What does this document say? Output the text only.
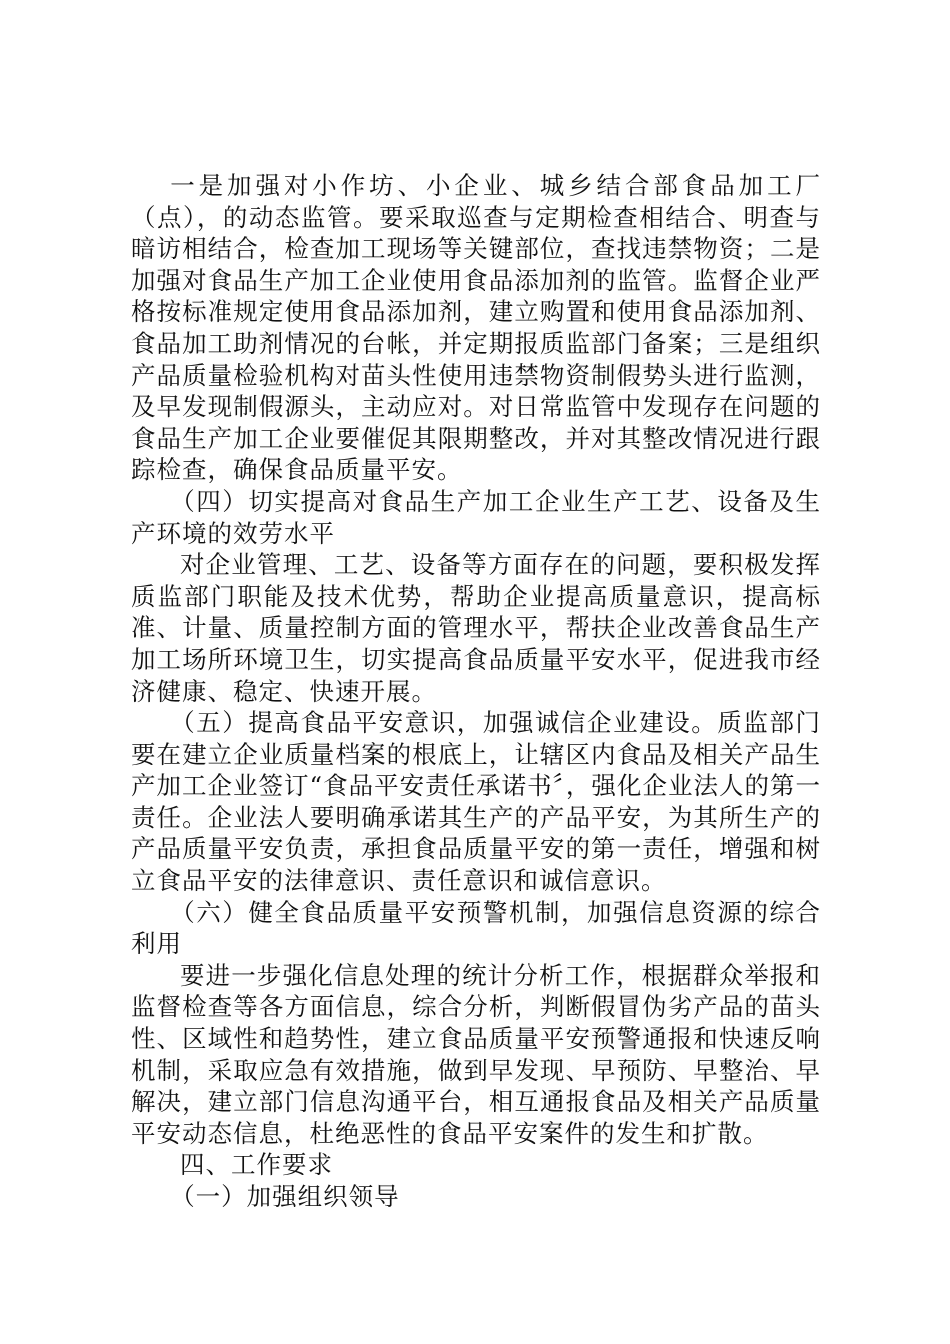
一是加强对小作坊、小企业、城乡结合部食品加工厂（点），的动态监管。要采取巡查与定期检查相结合、明查与暗访相结合，检查加工现场等关键部位，查找违禁物资；二是加强对食品生产加工企业使用食品添加剂的监管。监督企业严格按标准规定使用食品添加剂，建立购置和使用食品添加剂、食品加工助剂情况的台帐，并定期报质监部门备案；三是组织产品质量检验机构对苗头性使用违禁物资制假势头进行监测，及早发现制假源头，主动应对。对日常监管中发现存在问题的食品生产加工企业要催促其限期整改，并对其整改情况进行跟踪检查，确保食品质量平安。

（四）切实提高对食品生产加工企业生产工艺、设备及生产环境的效劳水平

对企业管理、工艺、设备等方面存在的问题，要积极发挥质监部门职能及技术优势，帮助企业提高质量意识，提高标准、计量、质量控制方面的管理水平，帮扶企业改善食品生产加工场所环境卫生，切实提高食品质量平安水平，促进我市经济健康、稳定、快速开展。

（五）提高食品平安意识，加强诚信企业建设。质监部门要在建立企业质量档案的根底上，让辖区内食品及相关产品生产加工企业签订“食品平安责任承诺书〞，强化企业法人的第一责任。企业法人要明确承诺其生产的产品平安，为其所生产的产品质量平安负责，承担食品质量平安的第一责任，增强和树立食品平安的法律意识、责任意识和诚信意识。

（六）健全食品质量平安预警机制，加强信息资源的综合利用

要进一步强化信息处理的统计分析工作，根据群众举报和监督检查等各方面信息，综合分析，判断假冒伪劣产品的苗头性、区域性和趋势性，建立食品质量平安预警通报和快速反响机制，采取应急有效措施，做到早发现、早预防、早整治、早解决，建立部门信息沟通平台，相互通报食品及相关产品质量平安动态信息，杜绝恶性的食品平安案件的发生和扩散。

四、工作要求

（一）加强组织领导
